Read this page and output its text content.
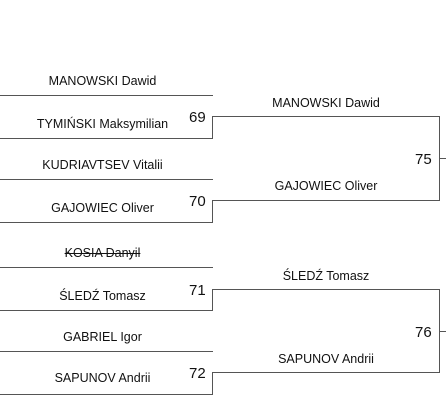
MANOWSKI Dawid
TYMIŃSKI Maksymilian	69
KUDRIAVTSEV Vitalii
GAJOWIEC Oliver	70
MANOWSKI Dawid
GAJOWIEC Oliver
75
KOSIA Danyil
ŚLEDŹ Tomasz	71
GABRIEL Igor
SAPUNOV Andrii	72
ŚLEDŹ Tomasz
SAPUNOV Andrii
76
